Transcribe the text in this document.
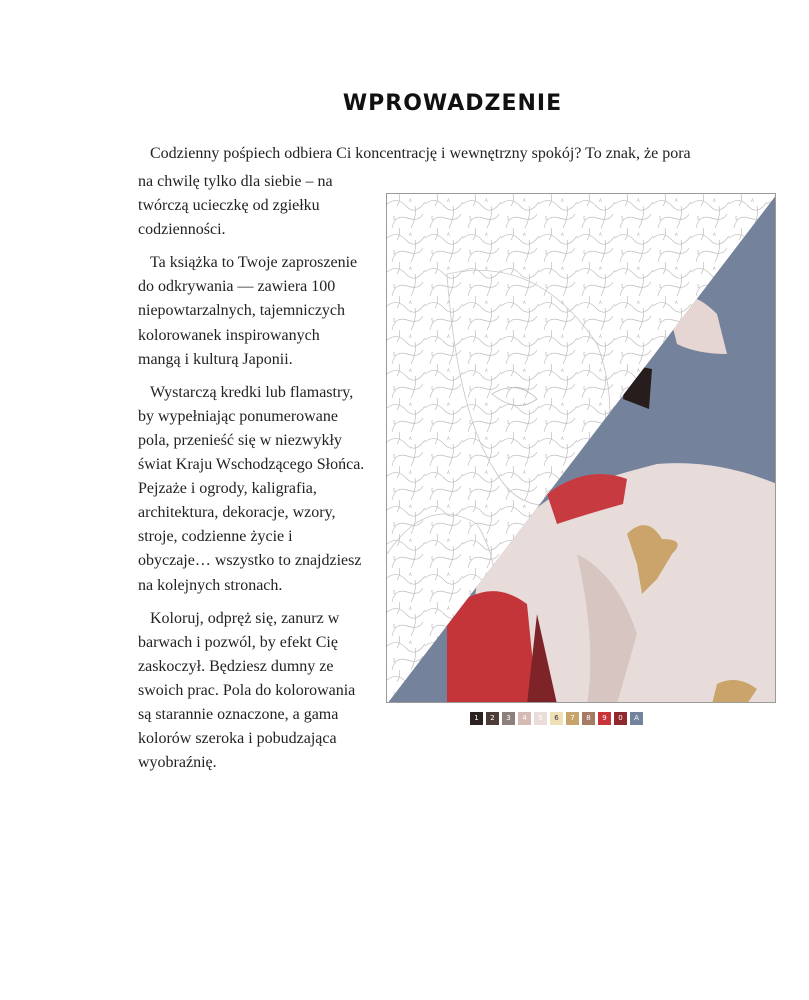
WPROWADZENIE
Codzienny pośpiech odbiera Ci koncentrację i wewnętrzny spokój? To znak, że pora

na chwilę tylko dla siebie – na twórczą ucieczkę od zgiełku codzienności.

Ta książka to Twoje zaproszenie do odkrywania — zawiera 100 niepowtarzalnych, tajemniczych kolorowanek inspirowanych mangą i kulturą Japonii.

Wystarczą kredki lub flamastry, by wypełniając ponumerowane pola, przenieść się w niezwykły świat Kraju Wschodzącego Słońca. Pejzaże i ogrody, kaligrafia, architektura, dekoracje, wzory, stroje, codzienne życie i obyczaje… wszystko to znajdziesz na kolejnych stronach.

Koloruj, odpręż się, zanurz w barwach i pozwól, by efekt Cię zaskoczył. Będziesz dumny ze swoich prac. Pola do kolorowania są starannie oznaczone, a gama kolorów szeroka i pobudzająca wyobraźnię.

1	2	3	4	5	6	7	8	9	0	A
